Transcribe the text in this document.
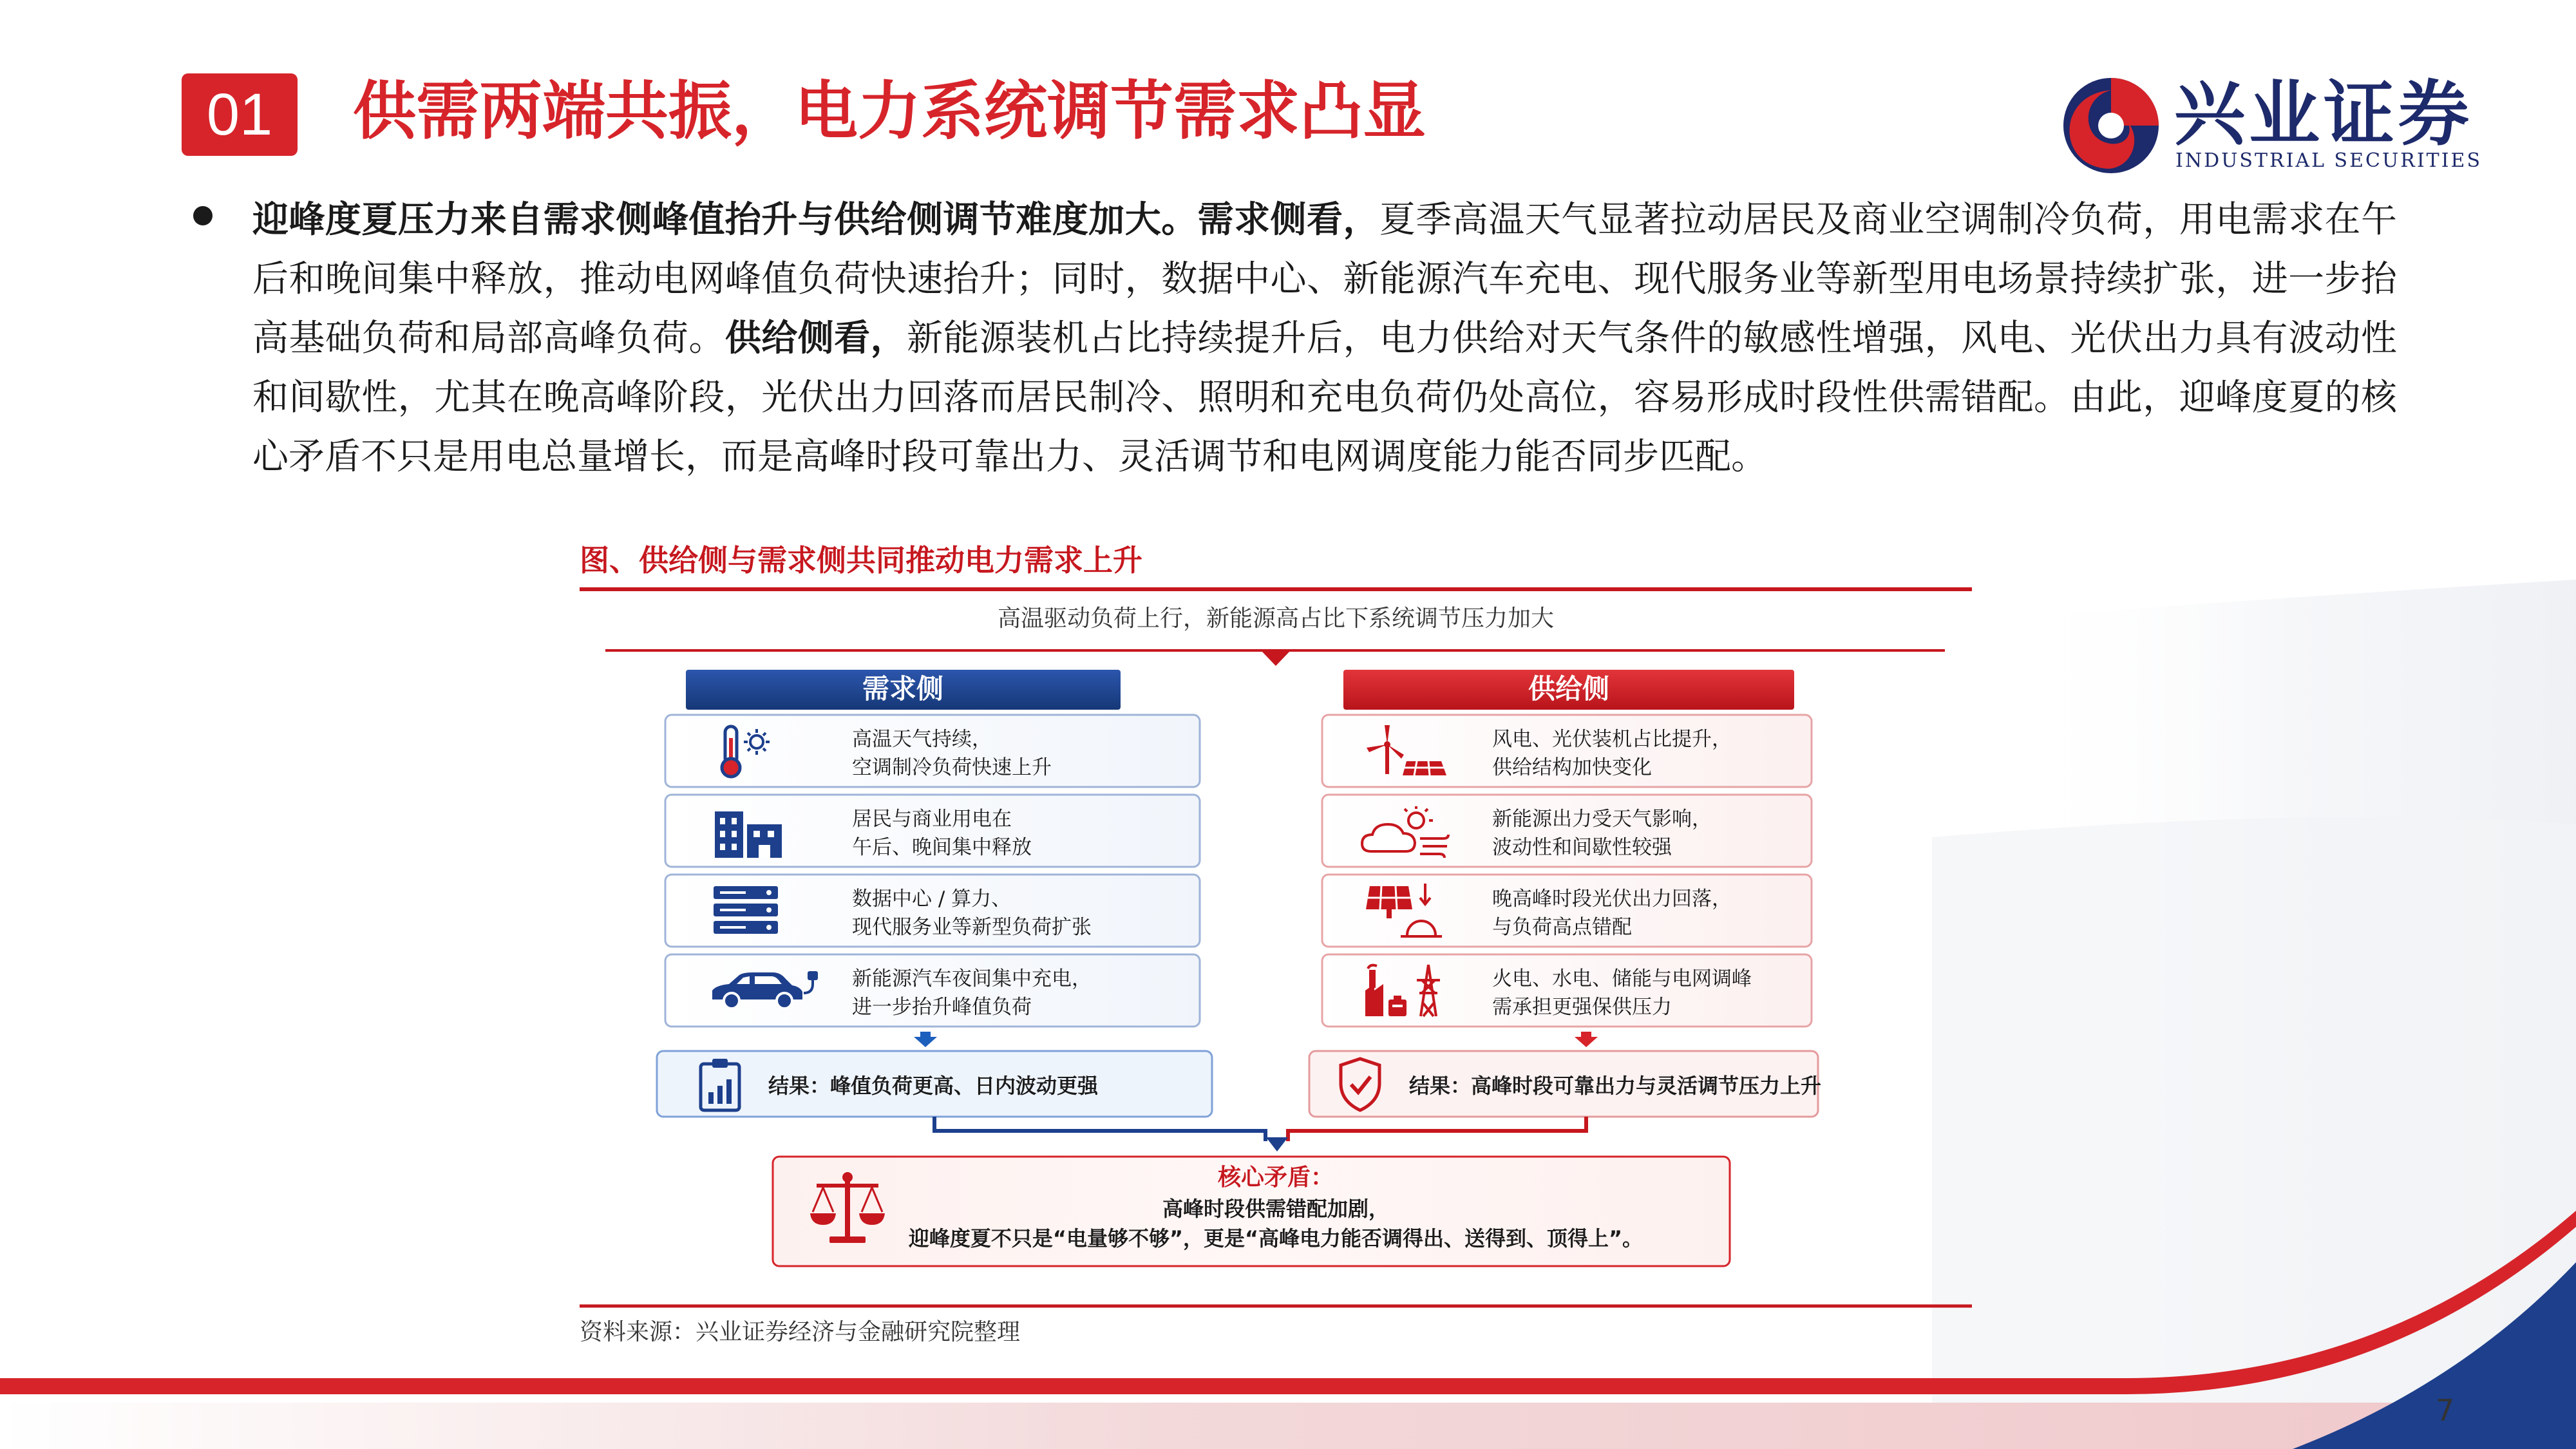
01	供需两端共振，电力系统调节需求凸显	兴业证券
INDUSTRIAL SECURITIES
迎峰度夏压力来自需求侧峰值抬升与供给侧调节难度加大。需求侧看，夏季高温天气显著拉动居民及商业空调制冷负荷，用电需求在午后和晚间集中释放，推动电网峰值负荷快速抬升；同时，数据中心、新能源汽车充电、现代服务业等新型用电场景持续扩张，进一步抬高基础负荷和局部高峰负荷。供给侧看，新能源装机占比持续提升后，电力供给对天气条件的敏感性增强，风电、光伏出力具有波动性和间歇性，尤其在晚高峰阶段，光伏出力回落而居民制冷、照明和充电负荷仍处高位，容易形成时段性供需错配。由此，迎峰度夏的核心矛盾不只是用电总量增长，而是高峰时段可靠出力、灵活调节和电网调度能力能否同步匹配。
图、供给侧与需求侧共同推动电力需求上升
高温驱动负荷上行，新能源高占比下系统调节压力加大
需求侧	供给侧
高温天气持续，
空调制冷负荷快速上升
居民与商业用电在
午后、晚间集中释放
数据中心 / 算力、
现代服务业等新型负荷扩张
新能源汽车夜间集中充电，
进一步抬升峰值负荷
风电、光伏装机占比提升，
供给结构加快变化
新能源出力受天气影响，
波动性和间歇性较强
晚高峰时段光伏出力回落，
与负荷高点错配
火电、水电、储能与电网调峰
需承担更强保供压力
结果：峰值负荷更高、日内波动更强	结果：高峰时段可靠出力与灵活调节压力上升
核心矛盾：
高峰时段供需错配加剧，
迎峰度夏不只是“电量够不够”，更是“高峰电力能否调得出、送得到、顶得上”。
资料来源：兴业证券经济与金融研究院整理
7
